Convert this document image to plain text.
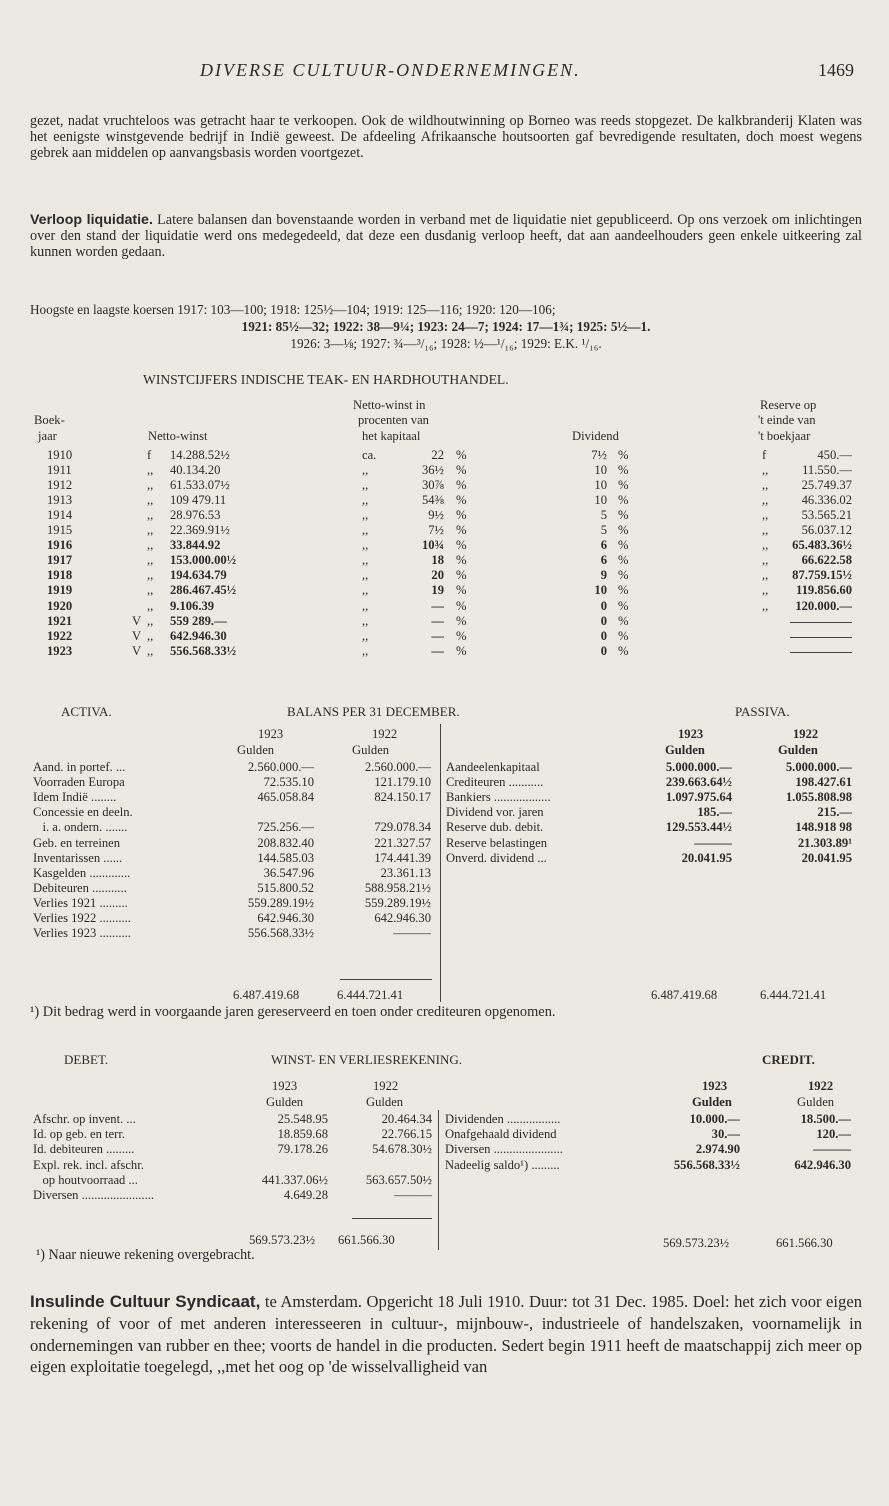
DIVERSE CULTUUR-ONDERNEMINGEN.	1469

gezet, nadat vruchteloos was getracht haar te verkoopen. Ook de wildhoutwinning op Borneo was reeds stopgezet. De kalkbranderij Klaten was het eenigste winstgevende bedrijf in Indië geweest. De afdeeling Afrikaansche houtsoorten gaf bevredigende resultaten, doch moest wegens gebrek aan middelen op aanvangsbasis worden voortgezet.

Verloop liquidatie. Latere balansen dan bovenstaande worden in verband met de liquidatie niet gepubliceerd. Op ons verzoek om inlichtingen over den stand der liquidatie werd ons medegedeeld, dat deze een dusdanig verloop heeft, dat aan aandeelhouders geen enkele uitkeering zal kunnen worden gedaan.

Hoogste en laagste koersen 1917: 103—100; 1918: 125½—104; 1919: 125—116; 1920: 120—106;
1921: 85½—32; 1922: 38—9¼; 1923: 24—7; 1924: 17—1¾; 1925: 5½—1.
1926: 3—⅛; 1927: ¾—³/₁₆; 1928: ½—¹/₁₆; 1929: E.K. ¹/₁₆.
WINSTCIJFERS INDISCHE TEAK- EN HARDHOUTHANDEL.
Boek-
jaar	Netto-winst
Netto-winst in
procenten van
het kapitaal	Dividend
Reserve op
't einde van
't boekjaar
1910	f 14.288.52½	ca.	22 %	7½ %	f	450.—
1911	,, 40.134.20	,,	36½ %	10 %	,,	11.550.—
1912	,, 61.533.07½	,,	30⅞ %	10 %	,,	25.749.37
1913	,, 109 479.11	,,	54⅜ %	10 %	,,	46.336.02
1914	,, 28.976.53	,,	9½ %	5 %	,,	53.565.21
1915	,, 22.369.91½	,,	7½ %	5 %	,,	56.037.12
1916	,, 33.844.92	,,	10¾ %	6 %	,, 65.483.36½
1917	,, 153.000.00½	,,	18 %	6 %	,,	66.622.58
1918	,, 194.634.79	,,	20 %	9 %	,, 87.759.15½
1919	,, 286.467.45½	,,	19 %	10 %	,, 119.856.60
1920	,, 9.106.39	,,	— %	0 %	,, 120.000.—
1921	V ,, 559 289.—	,,	— %	0 %
1922	V ,, 642.946.30	,,	— %	0 %
1923	V ,, 556.568.33½	,,	— %	0 %
ACTIVA.	BALANS PER 31 DECEMBER.	PASSIVA.
1923	1922
Gulden	Gulden
1923	1922
Gulden	Gulden
Aand. in portef. ...	2.560.000.—	2.560.000.—
Voorraden Europa	72.535.10	121.179.10
Idem Indië ........	465.058.84	824.150.17
Concessie en deeln.
i. a. ondern. .......	725.256.—	729.078.34
Geb. en terreinen	208.832.40	221.327.57
Inventarissen ......	144.585.03	174.441.39
Kasgelden .............	36.547.96	23.361.13
Debiteuren ...........	515.800.52	588.958.21½
Verlies 1921 .........	559.289.19½	559.289.19½
Verlies 1922 ..........	642.946.30	642.946.30
Verlies 1923 ..........	556.568.33½	———
Aandeelenkapitaal	5.000.000.—	5.000.000.—
Crediteuren ...........	239.663.64½	198.427.61
Bankiers ..................	1.097.975.64	1.055.808.98
Dividend vor. jaren	185.—	215.—
Reserve dub. debit.	129.553.44½	148.918 98
Reserve belastingen	———	21.303.89¹
Onverd. dividend ...	20.041.95	20.041.95
6.487.419.68	6.444.721.41	6.487.419.68	6.444.721.41

¹) Dit bedrag werd in voorgaande jaren gereserveerd en toen onder crediteuren opgenomen.

DEBET.	WINST- EN VERLIESREKENING.	CREDIT.
1923	1922
Gulden	Gulden
1923	1922
Gulden	Gulden
Afschr. op invent. ...	25.548.95	20.464.34
Id. op geb. en terr.	18.859.68	22.766.15
Id. debiteuren .........	79.178.26	54.678.30½
Expl. rek. incl. afschr.
op houtvoorraad ...	441.337.06½	563.657.50½
Diversen .......................	4.649.28	———
Dividenden .................	10.000.—	18.500.—
Onafgehaald dividend	30.—	120.—
Diversen ......................	2.974.90	———
Nadeelig saldo¹) .........	556.568.33½	642.946.30
569.573.23½ 661.566.30	569.573.23½	661.566.30
¹) Naar nieuwe rekening overgebracht.

Insulinde Cultuur Syndicaat, te Amsterdam. Opgericht 18 Juli 1910. Duur: tot 31 Dec. 1985. Doel: het zich voor eigen rekening of voor of met anderen interesseeren in cultuur-, mijnbouw-, industrieele of handelszaken, voornamelijk in ondernemingen van rubber en thee; voorts de handel in die producten. Sedert begin 1911 heeft de maatschappij zich meer op eigen exploitatie toegelegd, ,,met het oog op 'de wisselvalligheid van
